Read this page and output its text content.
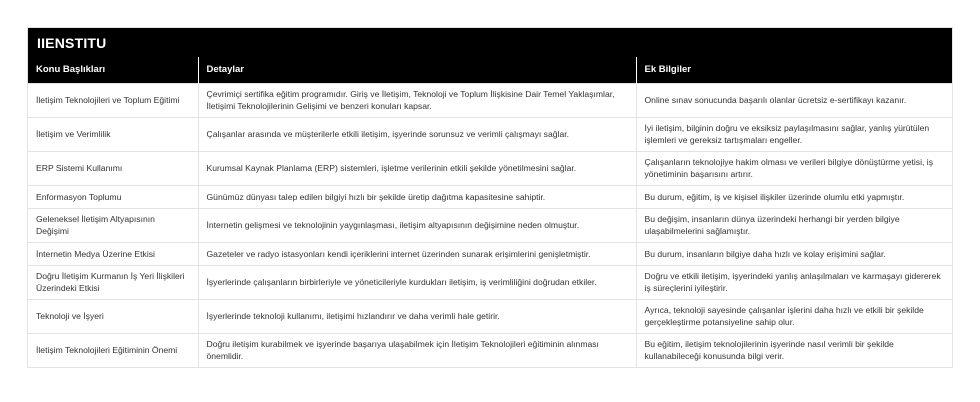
IIENSTITU
Konu Başlıkları	Detaylar	Ek Bilgiler
İletişim Teknolojileri ve Toplum Eğitimi	Çevrimiçi sertifika eğitim programıdır. Giriş ve İletişim, Teknoloji ve Toplum İlişkisine Dair Temel Yaklaşımlar, İletişimi Teknolojilerinin Gelişimi ve benzeri konuları kapsar.	Online sınav sonucunda başarılı olanlar ücretsiz e-sertifikayı kazanır.
İletişim ve Verimlilik	Çalışanlar arasında ve müşterilerle etkili iletişim, işyerinde sorunsuz ve verimli çalışmayı sağlar.	İyi iletişim, bilginin doğru ve eksiksiz paylaşılmasını sağlar, yanlış yürütülen işlemleri ve gereksiz tartışmaları engeller.
ERP Sistemi Kullanımı	Kurumsal Kaynak Planlama (ERP) sistemleri, işletme verilerinin etkili şekilde yönetilmesini sağlar.	Çalışanların teknolojiye hakim olması ve verileri bilgiye dönüştürme yetisi, iş yönetiminin başarısını artırır.
Enformasyon Toplumu	Günümüz dünyası talep edilen bilgiyi hızlı bir şekilde üretip dağıtma kapasitesine sahiptir.	Bu durum, eğitim, iş ve kişisel ilişkiler üzerinde olumlu etki yapmıştır.
Geleneksel İletişim Altyapısının Değişimi	İnternetin gelişmesi ve teknolojinin yaygınlaşması, iletişim altyapısının değişimine neden olmuştur.	Bu değişim, insanların dünya üzerindeki herhangi bir yerden bilgiye ulaşabilmelerini sağlamıştır.
İnternetin Medya Üzerine Etkisi	Gazeteler ve radyo istasyonları kendi içeriklerini internet üzerinden sunarak erişimlerini genişletmiştir.	Bu durum, insanların bilgiye daha hızlı ve kolay erişimini sağlar.
Doğru İletişim Kurmanın İş Yeri İlişkileri Üzerindeki Etkisi	İşyerlerinde çalışanların birbirleriyle ve yöneticileriyle kurdukları iletişim, iş verimliliğini doğrudan etkiler.	Doğru ve etkili iletişim, işyerindeki yanlış anlaşılmaları ve karmaşayı gidererek iş süreçlerini iyileştirir.
Teknoloji ve İşyeri	İşyerlerinde teknoloji kullanımı, iletişimi hızlandırır ve daha verimli hale getirir.	Ayrıca, teknoloji sayesinde çalışanlar işlerini daha hızlı ve etkili bir şekilde gerçekleştirme potansiyeline sahip olur.
İletişim Teknolojileri Eğitiminin Önemi	Doğru iletişim kurabilmek ve işyerinde başarıya ulaşabilmek için İletişim Teknolojileri eğitiminin alınması önemlidir.	Bu eğitim, iletişim teknolojilerinin işyerinde nasıl verimli bir şekilde kullanabileceği konusunda bilgi verir.
